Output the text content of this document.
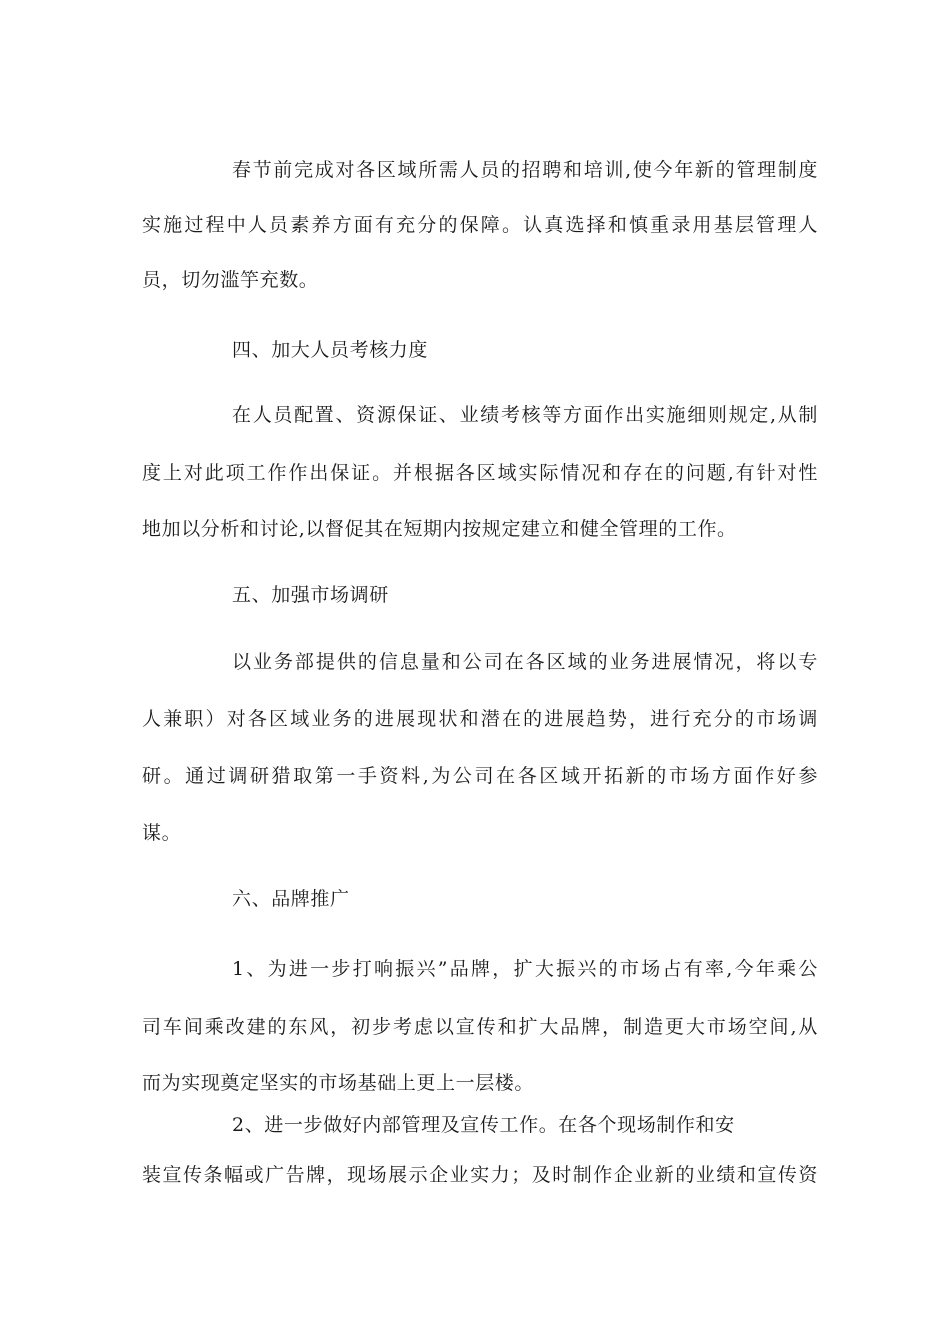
春节前完成对各区域所需人员的招聘和培训,使今年新的管理制度
实施过程中人员素养方面有充分的保障。认真选择和慎重录用基层管理人
员，切勿滥竽充数。
四、加大人员考核力度
在人员配置、资源保证、业绩考核等方面作出实施细则规定,从制
度上对此项工作作出保证。并根据各区域实际情况和存在的问题,有针对性
地加以分析和讨论,以督促其在短期内按规定建立和健全管理的工作。
五、加强市场调研
以业务部提供的信息量和公司在各区域的业务进展情况，将以专
人兼职）对各区域业务的进展现状和潜在的进展趋势，进行充分的市场调
研。通过调研猎取第一手资料,为公司在各区域开拓新的市场方面作好参
谋。
六、品牌推广
1、为进一步打响振兴”品牌，扩大振兴的市场占有率,今年乘公
司车间乘改建的东风，初步考虑以宣传和扩大品牌，制造更大市场空间,从
而为实现奠定坚实的市场基础上更上一层楼。
2、进一步做好内部管理及宣传工作。在各个现场制作和安
装宣传条幅或广告牌，现场展示企业实力；及时制作企业新的业绩和宣传资
